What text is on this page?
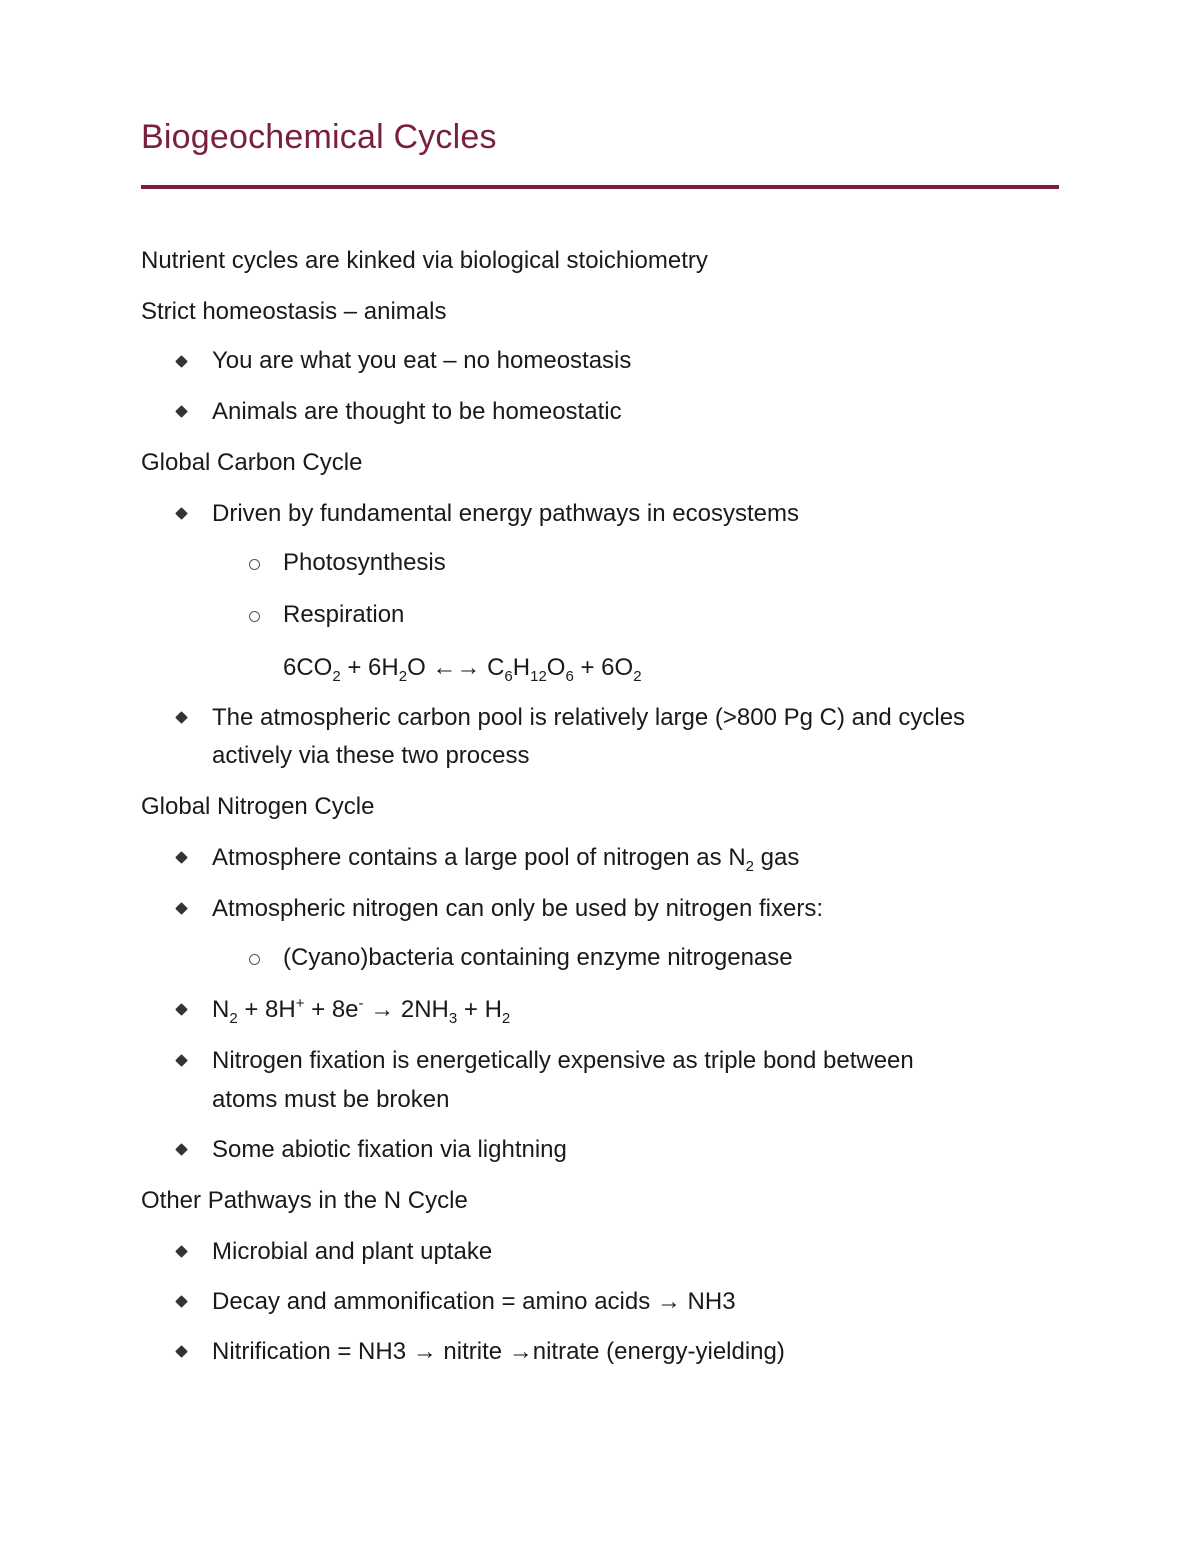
Biogeochemical Cycles
Nutrient cycles are kinked via biological stoichiometry
Strict homeostasis – animals
You are what you eat – no homeostasis
Animals are thought to be homeostatic
Global Carbon Cycle
Driven by fundamental energy pathways in ecosystems
Photosynthesis
Respiration
$6CO_2 + 6H_2O$ ←→ $C_6H_{12}O_6 + 6O_2$
The atmospheric carbon pool is relatively large (>800 Pg C) and cycles
actively via these two process
Global Nitrogen Cycle
Atmosphere contains a large pool of nitrogen as $N_2$ gas
Atmospheric nitrogen can only be used by nitrogen fixers:
(Cyano)bacteria containing enzyme nitrogenase
$N_2 + 8H^+ + 8e^- \to 2NH_3 + H_2$
Nitrogen fixation is energetically expensive as triple bond between
atoms must be broken
Some abiotic fixation via lightning
Other Pathways in the N Cycle
Microbial and plant uptake
Decay and ammonification = amino acids → NH3
Nitrification = NH3 → nitrite →nitrate (energy-yielding)
